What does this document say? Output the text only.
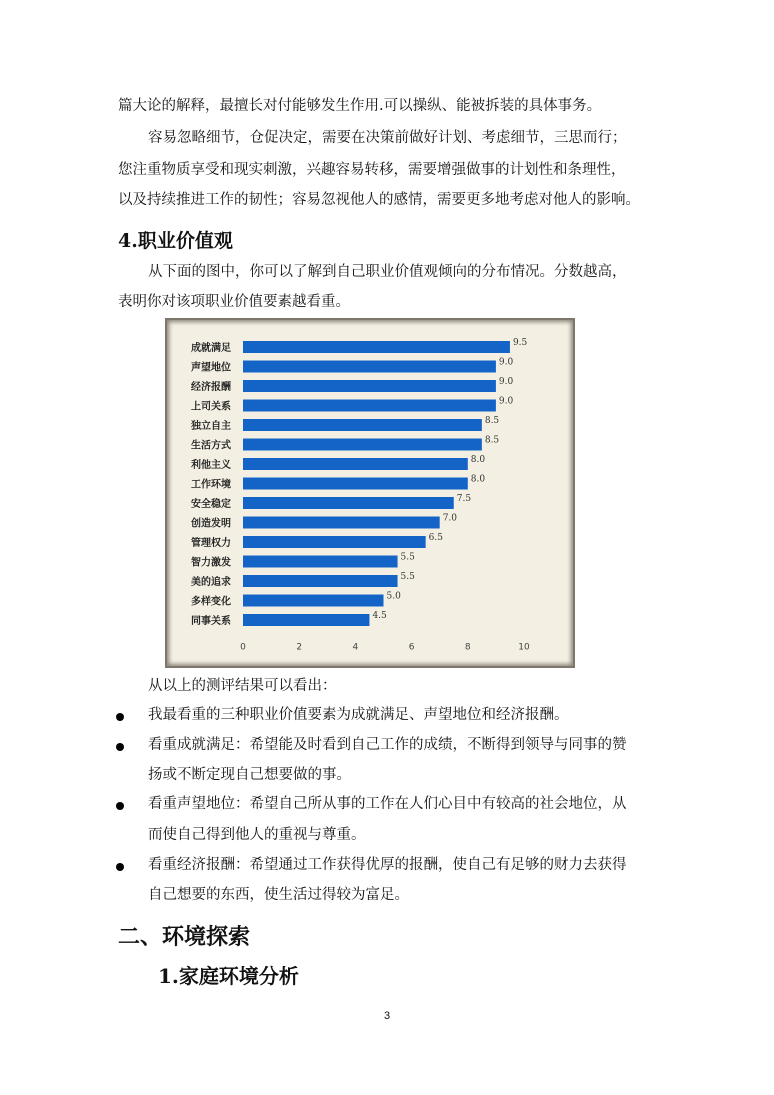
篇大论的解释，最擅长对付能够发生作用.可以操纵、能被拆装的具体事务。
容易忽略细节，仓促决定，需要在决策前做好计划、考虑细节，三思而行；
您注重物质享受和现实刺激，兴趣容易转移，需要增强做事的计划性和条理性，
以及持续推进工作的韧性；容易忽视他人的感情，需要更多地考虑对他人的影响。
4.职业价值观
从下面的图中，你可以了解到自己职业价值观倾向的分布情况。分数越高，
表明你对该项职业价值要素越看重。
成就满足	9.5
声望地位	9.0
经济报酬	9.0
上司关系	9.0
独立自主	8.5
生活方式	8.5
利他主义	8.0
工作环境	8.0
安全稳定	7.5
创造发明	7.0
管理权力	6.5
智力激发	5.5
美的追求	5.5
多样变化	5.0
同事关系	4.5
0	2	4	6	8	10
从以上的测评结果可以看出：
我最看重的三种职业价值要素为成就满足、声望地位和经济报酬。
看重成就满足：希望能及时看到自己工作的成绩，不断得到领导与同事的赞
扬或不断定现自己想要做的事。
看重声望地位：希望自己所从事的工作在人们心目中有较高的社会地位，从
而使自己得到他人的重视与尊重。
看重经济报酬：希望通过工作获得优厚的报酬，使自己有足够的财力去获得
自己想要的东西，使生活过得较为富足。
二、环境探索
1.家庭环境分析
3
